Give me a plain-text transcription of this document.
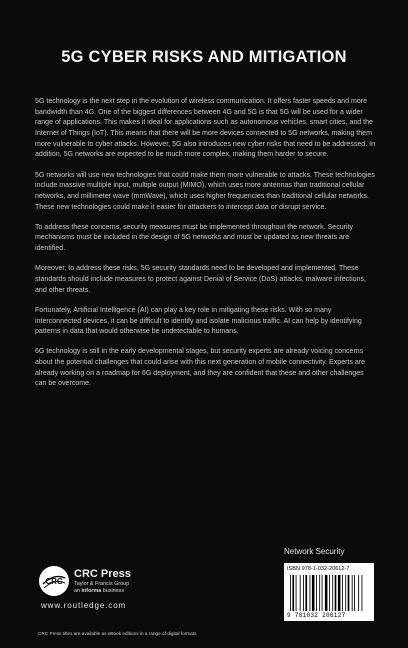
5G CYBER RISKS AND MITIGATION

5G technology is the next step in the evolution of wireless communication. It offers faster speeds and more bandwidth than 4G. One of the biggest differences between 4G and 5G is that 5G will be used for a wider range of applications. This makes it ideal for applications such as autonomous vehicles, smart cities, and the Internet of Things (IoT). This means that there will be more devices connected to 5G networks, making them more vulnerable to cyber attacks. However, 5G also introduces new cyber risks that need to be addressed. In addition, 5G networks are expected to be much more complex, making them harder to secure.

5G networks will use new technologies that could make them more vulnerable to attacks. These technologies include massive multiple input, multiple output (MIMO), which uses more antennas than traditional cellular networks, and millimeter wave (mmWave), which uses higher frequencies than traditional cellular networks. These new technologies could make it easier for attackers to intercept data or disrupt service.

To address these concerns, security measures must be implemented throughout the network. Security mechanisms must be included in the design of 5G networks and must be updated as new threats are identified.

Moreover, to address these risks, 5G security standards need to be developed and implemented. These standards should include measures to protect against Denial of Service (DoS) attacks, malware infections, and other threats.

Fortunately, Artificial Intelligence (AI) can play a key role in mitigating these risks. With so many interconnected devices, it can be difficult to identify and isolate malicious traffic. AI can help by identifying patterns in data that would otherwise be undetectable to humans.

6G technology is still in the early developmental stages, but security experts are already voicing concerns about the potential challenges that could arise with this next generation of mobile connectivity. Experts are already working on a roadmap for 6G deployment, and they are confident that these and other challenges can be overcome.

CRC
CRC Press
Taylor & Francis Group
an informa business
www.routledge.com
Network Security
ISBN 978-1-032-20612-7
9 781032 206127
CRC Press titles are available as eBook editions in a range of digital formats
